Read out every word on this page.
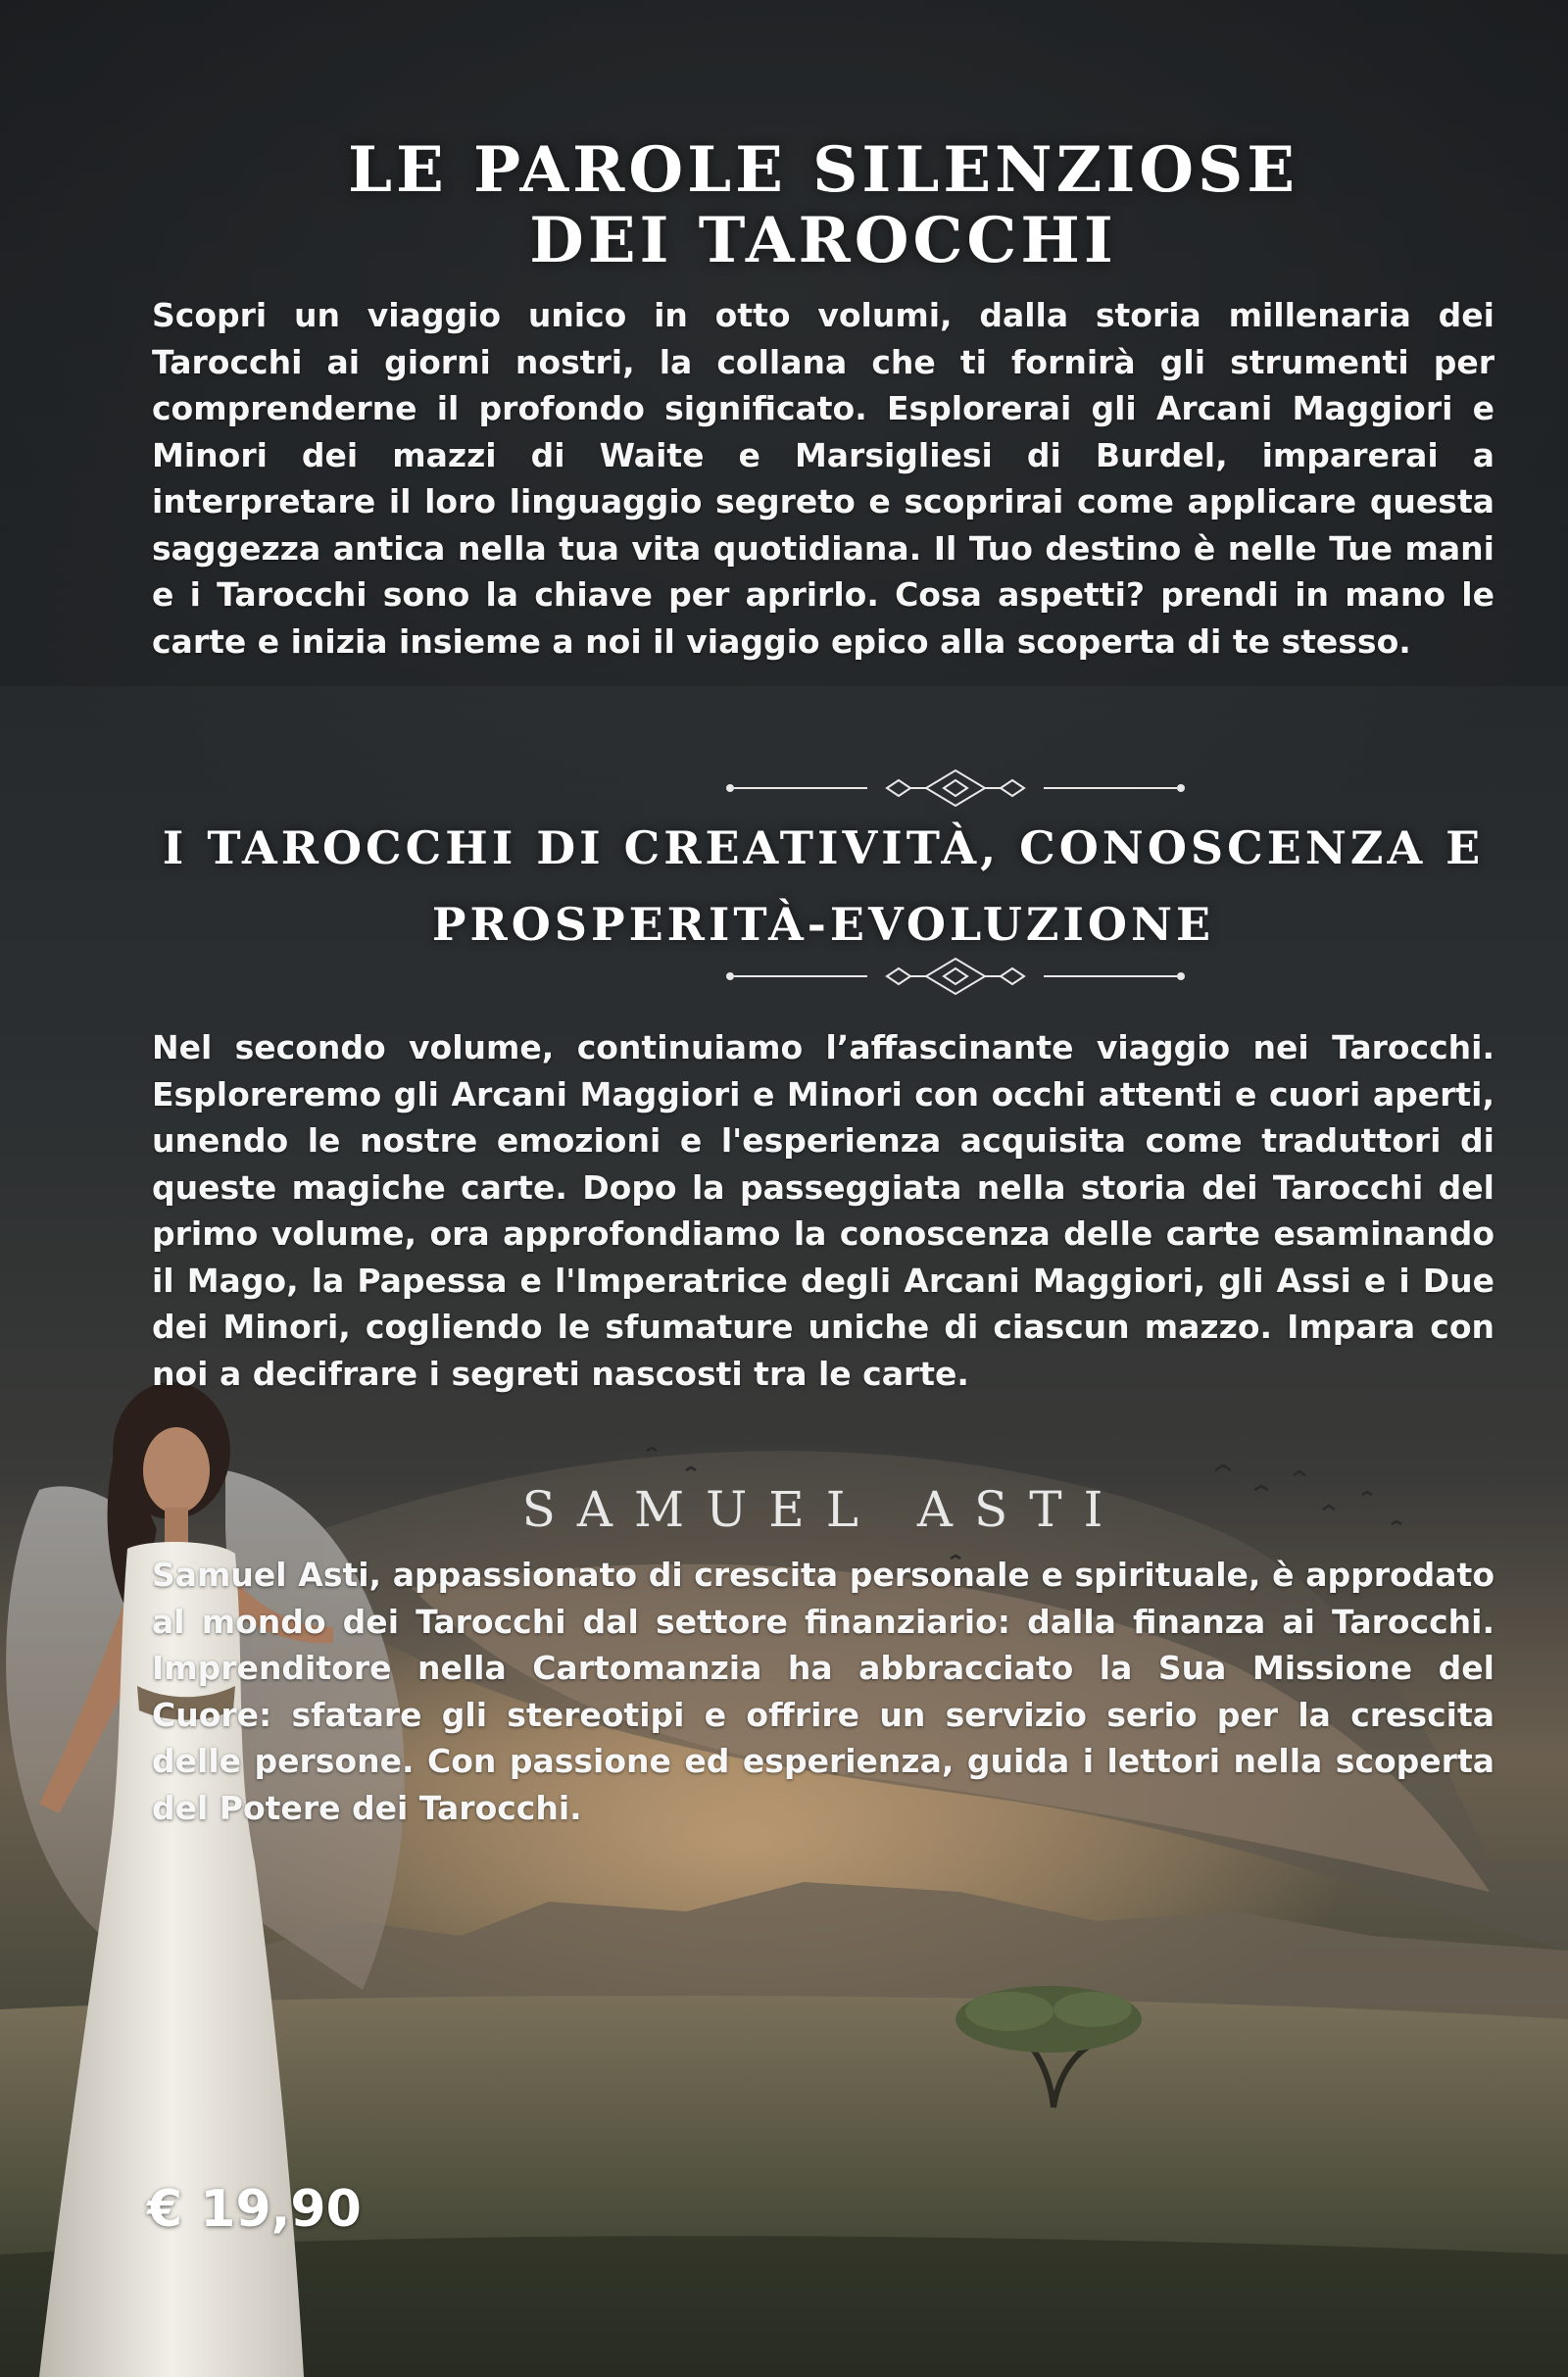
LE PAROLE SILENZIOSE
DEI TAROCCHI

Scopri un viaggio unico in otto volumi, dalla storia millenaria dei Tarocchi ai giorni nostri, la collana che ti fornirà gli strumenti per comprenderne il profondo significato. Esplorerai gli Arcani Maggiori e Minori dei mazzi di Waite e Marsigliesi di Burdel, imparerai a interpretare il loro linguaggio segreto e scoprirai come applicare questa saggezza antica nella tua vita quotidiana. Il Tuo destino è nelle Tue mani e i Tarocchi sono la chiave per aprirlo. Cosa aspetti? prendi in mano le carte e inizia insieme a noi il viaggio epico alla scoperta di te stesso.

I TAROCCHI DI CREATIVITÀ, CONOSCENZA E
PROSPERITÀ-EVOLUZIONE

Nel secondo volume, continuiamo l’affascinante viaggio nei Tarocchi. Esploreremo gli Arcani Maggiori e Minori con occhi attenti e cuori aperti, unendo le nostre emozioni e l'esperienza acquisita come traduttori di queste magiche carte. Dopo la passeggiata nella storia dei Tarocchi del primo volume, ora approfondiamo la conoscenza delle carte esaminando il Mago, la Papessa e l'Imperatrice degli Arcani Maggiori, gli Assi e i Due dei Minori, cogliendo le sfumature uniche di ciascun mazzo. Impara con noi a decifrare i segreti nascosti tra le carte.

SAMUEL ASTI

Samuel Asti, appassionato di crescita personale e spirituale, è approdato al mondo dei Tarocchi dal settore finanziario: dalla finanza ai Tarocchi. Imprenditore nella Cartomanzia ha abbracciato la Sua Missione del Cuore: sfatare gli stereotipi e offrire un servizio serio per la crescita delle persone. Con passione ed esperienza, guida i lettori nella scoperta del Potere dei Tarocchi.

€ 19,90
